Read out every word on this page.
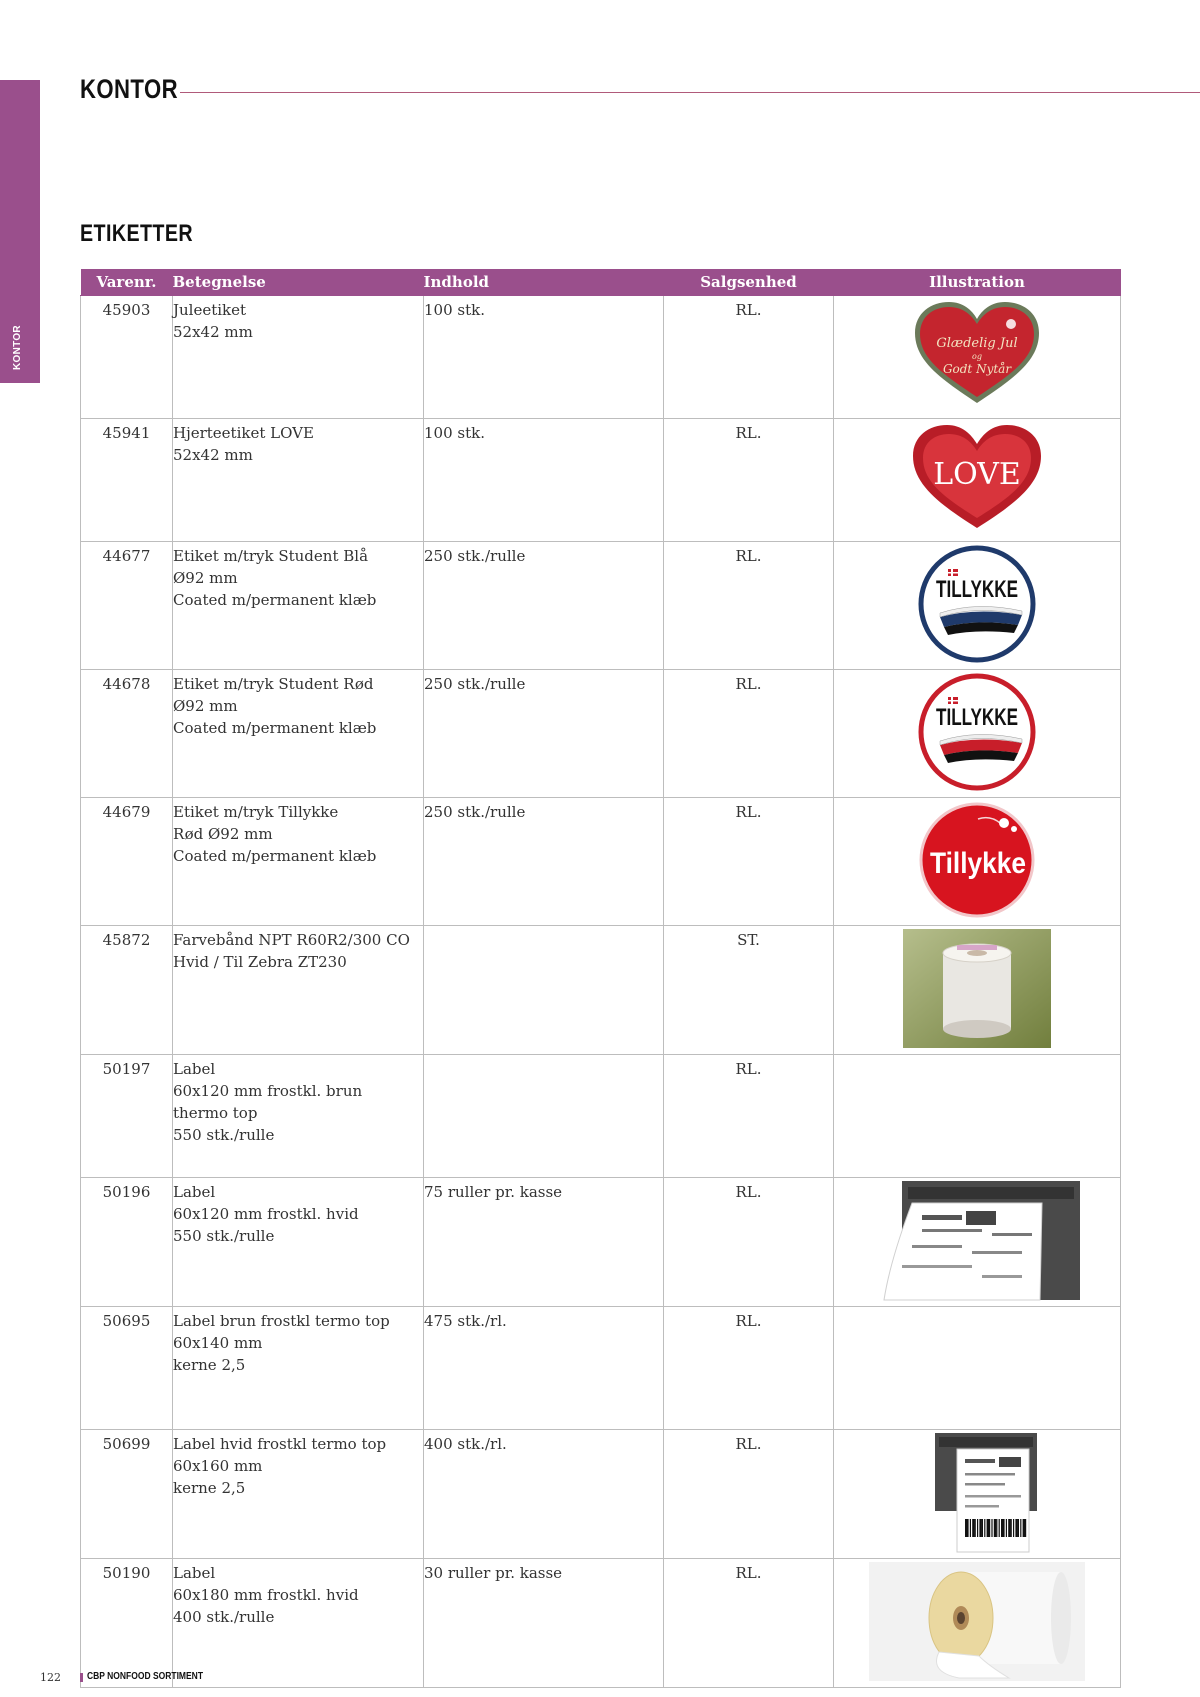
KONTOR
KONTOR
ETIKETTER
Varenr.	Betegnelse	Indhold	Salgsenhed	Illustration
45903	Juleetiket
52x42 mm	100 stk.	RL.	Glædelig Jul
og
Godt Nytår

45941	Hjerteetiket LOVE
52x42 mm	100 stk.	RL.	LOVE

44677	Etiket m/tryk Student Blå
Ø92 mm
Coated m/permanent klæb	250 stk./rulle	RL.	TILLYKKE

44678	Etiket m/tryk Student Rød
Ø92 mm
Coated m/permanent klæb	250 stk./rulle	RL.	TILLYKKE

44679	Etiket m/tryk Tillykke
Rød Ø92 mm
Coated m/permanent klæb	250 stk./rulle	RL.	Tillykke

45872	Farvebånd NPT R60R2/300 CO
Hvid / Til Zebra ZT230		ST.	
50197	Label
60x120 mm frostkl. brun
thermo top
550 stk./rulle		RL.	
50196	Label
60x120 mm frostkl. hvid
550 stk./rulle	75 ruller pr. kasse	RL.	
50695	Label brun frostkl termo top
60x140 mm
kerne 2,5	475 stk./rl.	RL.	
50699	Label hvid frostkl termo top
60x160 mm
kerne 2,5	400 stk./rl.	RL.	
50190	Label
60x180 mm frostkl. hvid
400 stk./rulle	30 ruller pr. kasse	RL.	
122	CBP NONFOOD SORTIMENT
